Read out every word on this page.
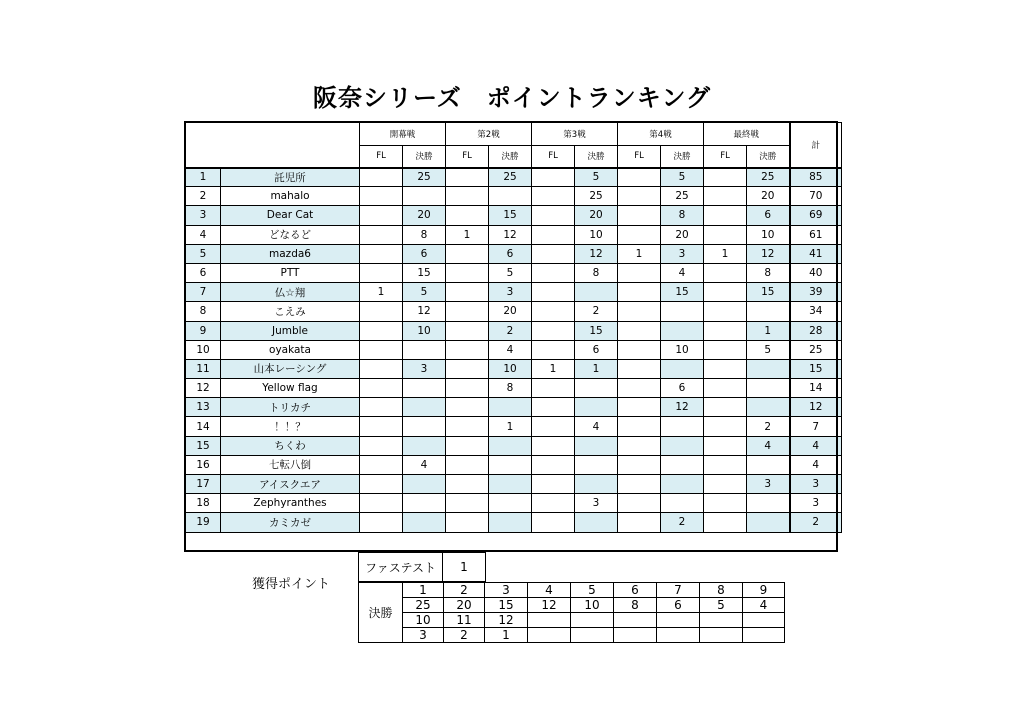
阪奈シリーズ　ポイントランキング
		開幕戦		第2戦		第3戦		第4戦		最終戦		計
		FL	決勝	FL	決勝	FL	決勝	FL	決勝	FL	決勝	
1	託児所		25		25		5		5		25	85
2	mahalo						25		25		20	70
3	Dear Cat		20		15		20		8		6	69
4	どなるど		8	1	12		10		20		10	61
5	mazda6		6		6		12	1	3	1	12	41
6	PTT		15		5		8		4		8	40
7	仏☆翔	1	5		3				15		15	39
8	こえみ		12		20		2					34
9	Jumble		10		2		15				1	28
10	oyakata				4		6		10		5	25
11	山本レーシング		3		10	1	1					15
12	Yellow flag				8				6			14
13	トリカチ								12			12
14	！！？				1		4				2	7
15	ちくわ										4	4
16	七転八倒		4									4
17	アイスクエア										3	3
18	Zephyranthes						3					3
19	カミカゼ								2			2
獲得ポイント
ファステスト	1	
決勝	1	2	3	4	5	6	7	8	9
	25	20	15	12	10	8	6	5	4
	10	11	12						
	3	2	1						
